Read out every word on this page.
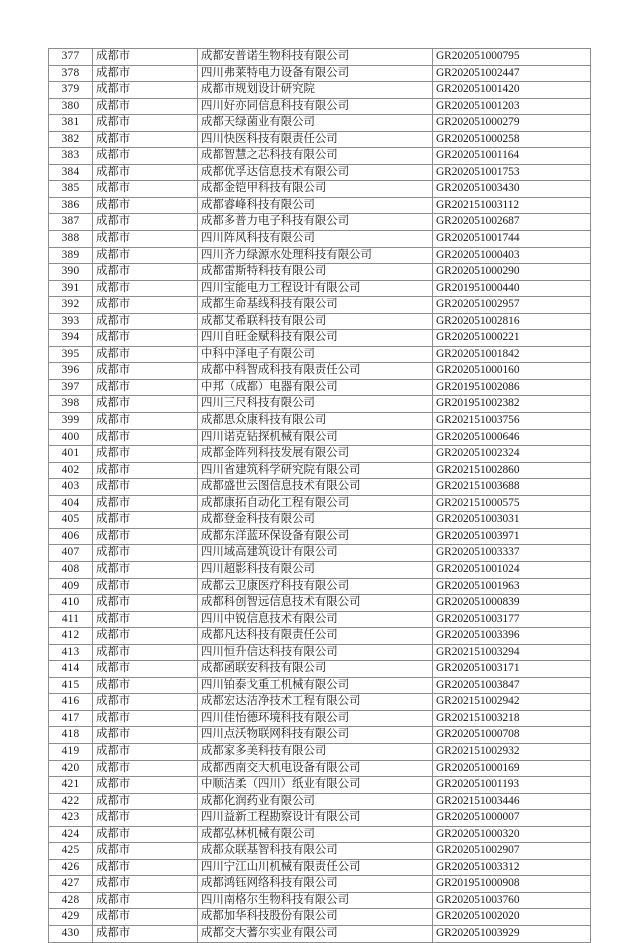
377	成都市	成都安普诺生物科技有限公司	GR202051000795
378	成都市	四川弗莱特电力设备有限公司	GR202051002447
379	成都市	成都市规划设计研究院	GR202051001420
380	成都市	四川好亦同信息科技有限公司	GR202051001203
381	成都市	成都天绿菌业有限公司	GR202051000279
382	成都市	四川快医科技有限责任公司	GR202051000258
383	成都市	成都智慧之芯科技有限公司	GR202051001164
384	成都市	成都优孚达信息技术有限公司	GR202051001753
385	成都市	成都金铠甲科技有限公司	GR202051003430
386	成都市	成都睿峰科技有限公司	GR202151003112
387	成都市	成都多普力电子科技有限公司	GR202051002687
388	成都市	四川阵风科技有限公司	GR202051001744
389	成都市	四川齐力绿源水处理科技有限公司	GR202051000403
390	成都市	成都雷斯特科技有限公司	GR202051000290
391	成都市	四川宝能电力工程设计有限公司	GR201951000440
392	成都市	成都生命基线科技有限公司	GR202051002957
393	成都市	成都艾希联科技有限公司	GR202051002816
394	成都市	四川自旺金赋科技有限公司	GR202051000221
395	成都市	中科中泽电子有限公司	GR202051001842
396	成都市	成都中科智成科技有限责任公司	GR202051000160
397	成都市	中邦（成都）电器有限公司	GR201951002086
398	成都市	四川三尺科技有限公司	GR201951002382
399	成都市	成都思众康科技有限公司	GR202151003756
400	成都市	四川诺克钻探机械有限公司	GR202051000646
401	成都市	成都金阵列科技发展有限公司	GR202051002324
402	成都市	四川省建筑科学研究院有限公司	GR202151002860
403	成都市	成都盛世云图信息技术有限公司	GR202151003688
404	成都市	成都康拓自动化工程有限公司	GR202151000575
405	成都市	成都登金科技有限公司	GR202051003031
406	成都市	成都东洋蓝环保设备有限公司	GR202051003971
407	成都市	四川域高建筑设计有限公司	GR202051003337
408	成都市	四川超影科技有限公司	GR202051001024
409	成都市	成都云卫康医疗科技有限公司	GR202051001963
410	成都市	成都科创智远信息技术有限公司	GR202051000839
411	成都市	四川中锐信息技术有限公司	GR202051003177
412	成都市	成都凡达科技有限责任公司	GR202051003396
413	成都市	四川恒升信达科技有限公司	GR202151003294
414	成都市	成都函联安科技有限公司	GR202051003171
415	成都市	四川铂泰戈重工机械有限公司	GR202051003847
416	成都市	成都宏达洁净技术工程有限公司	GR202151002942
417	成都市	四川佳怡德环境科技有限公司	GR202151003218
418	成都市	四川点沃物联网科技有限公司	GR202051000708
419	成都市	成都家多美科技有限公司	GR202151002932
420	成都市	成都西南交大机电设备有限公司	GR202051000169
421	成都市	中顺洁柔（四川）纸业有限公司	GR202051001193
422	成都市	成都化润药业有限公司	GR202151003446
423	成都市	四川益新工程勘察设计有限公司	GR202051000007
424	成都市	成都弘林机械有限公司	GR202051000320
425	成都市	成都众联基智科技有限公司	GR202051002907
426	成都市	四川宁江山川机械有限责任公司	GR202051003312
427	成都市	成都鸿钰网络科技有限公司	GR201951000908
428	成都市	四川南格尔生物科技有限公司	GR202051003760
429	成都市	成都加华科技股份有限公司	GR202051002020
430	成都市	成都交大蓍尔实业有限公司	GR202051003929
